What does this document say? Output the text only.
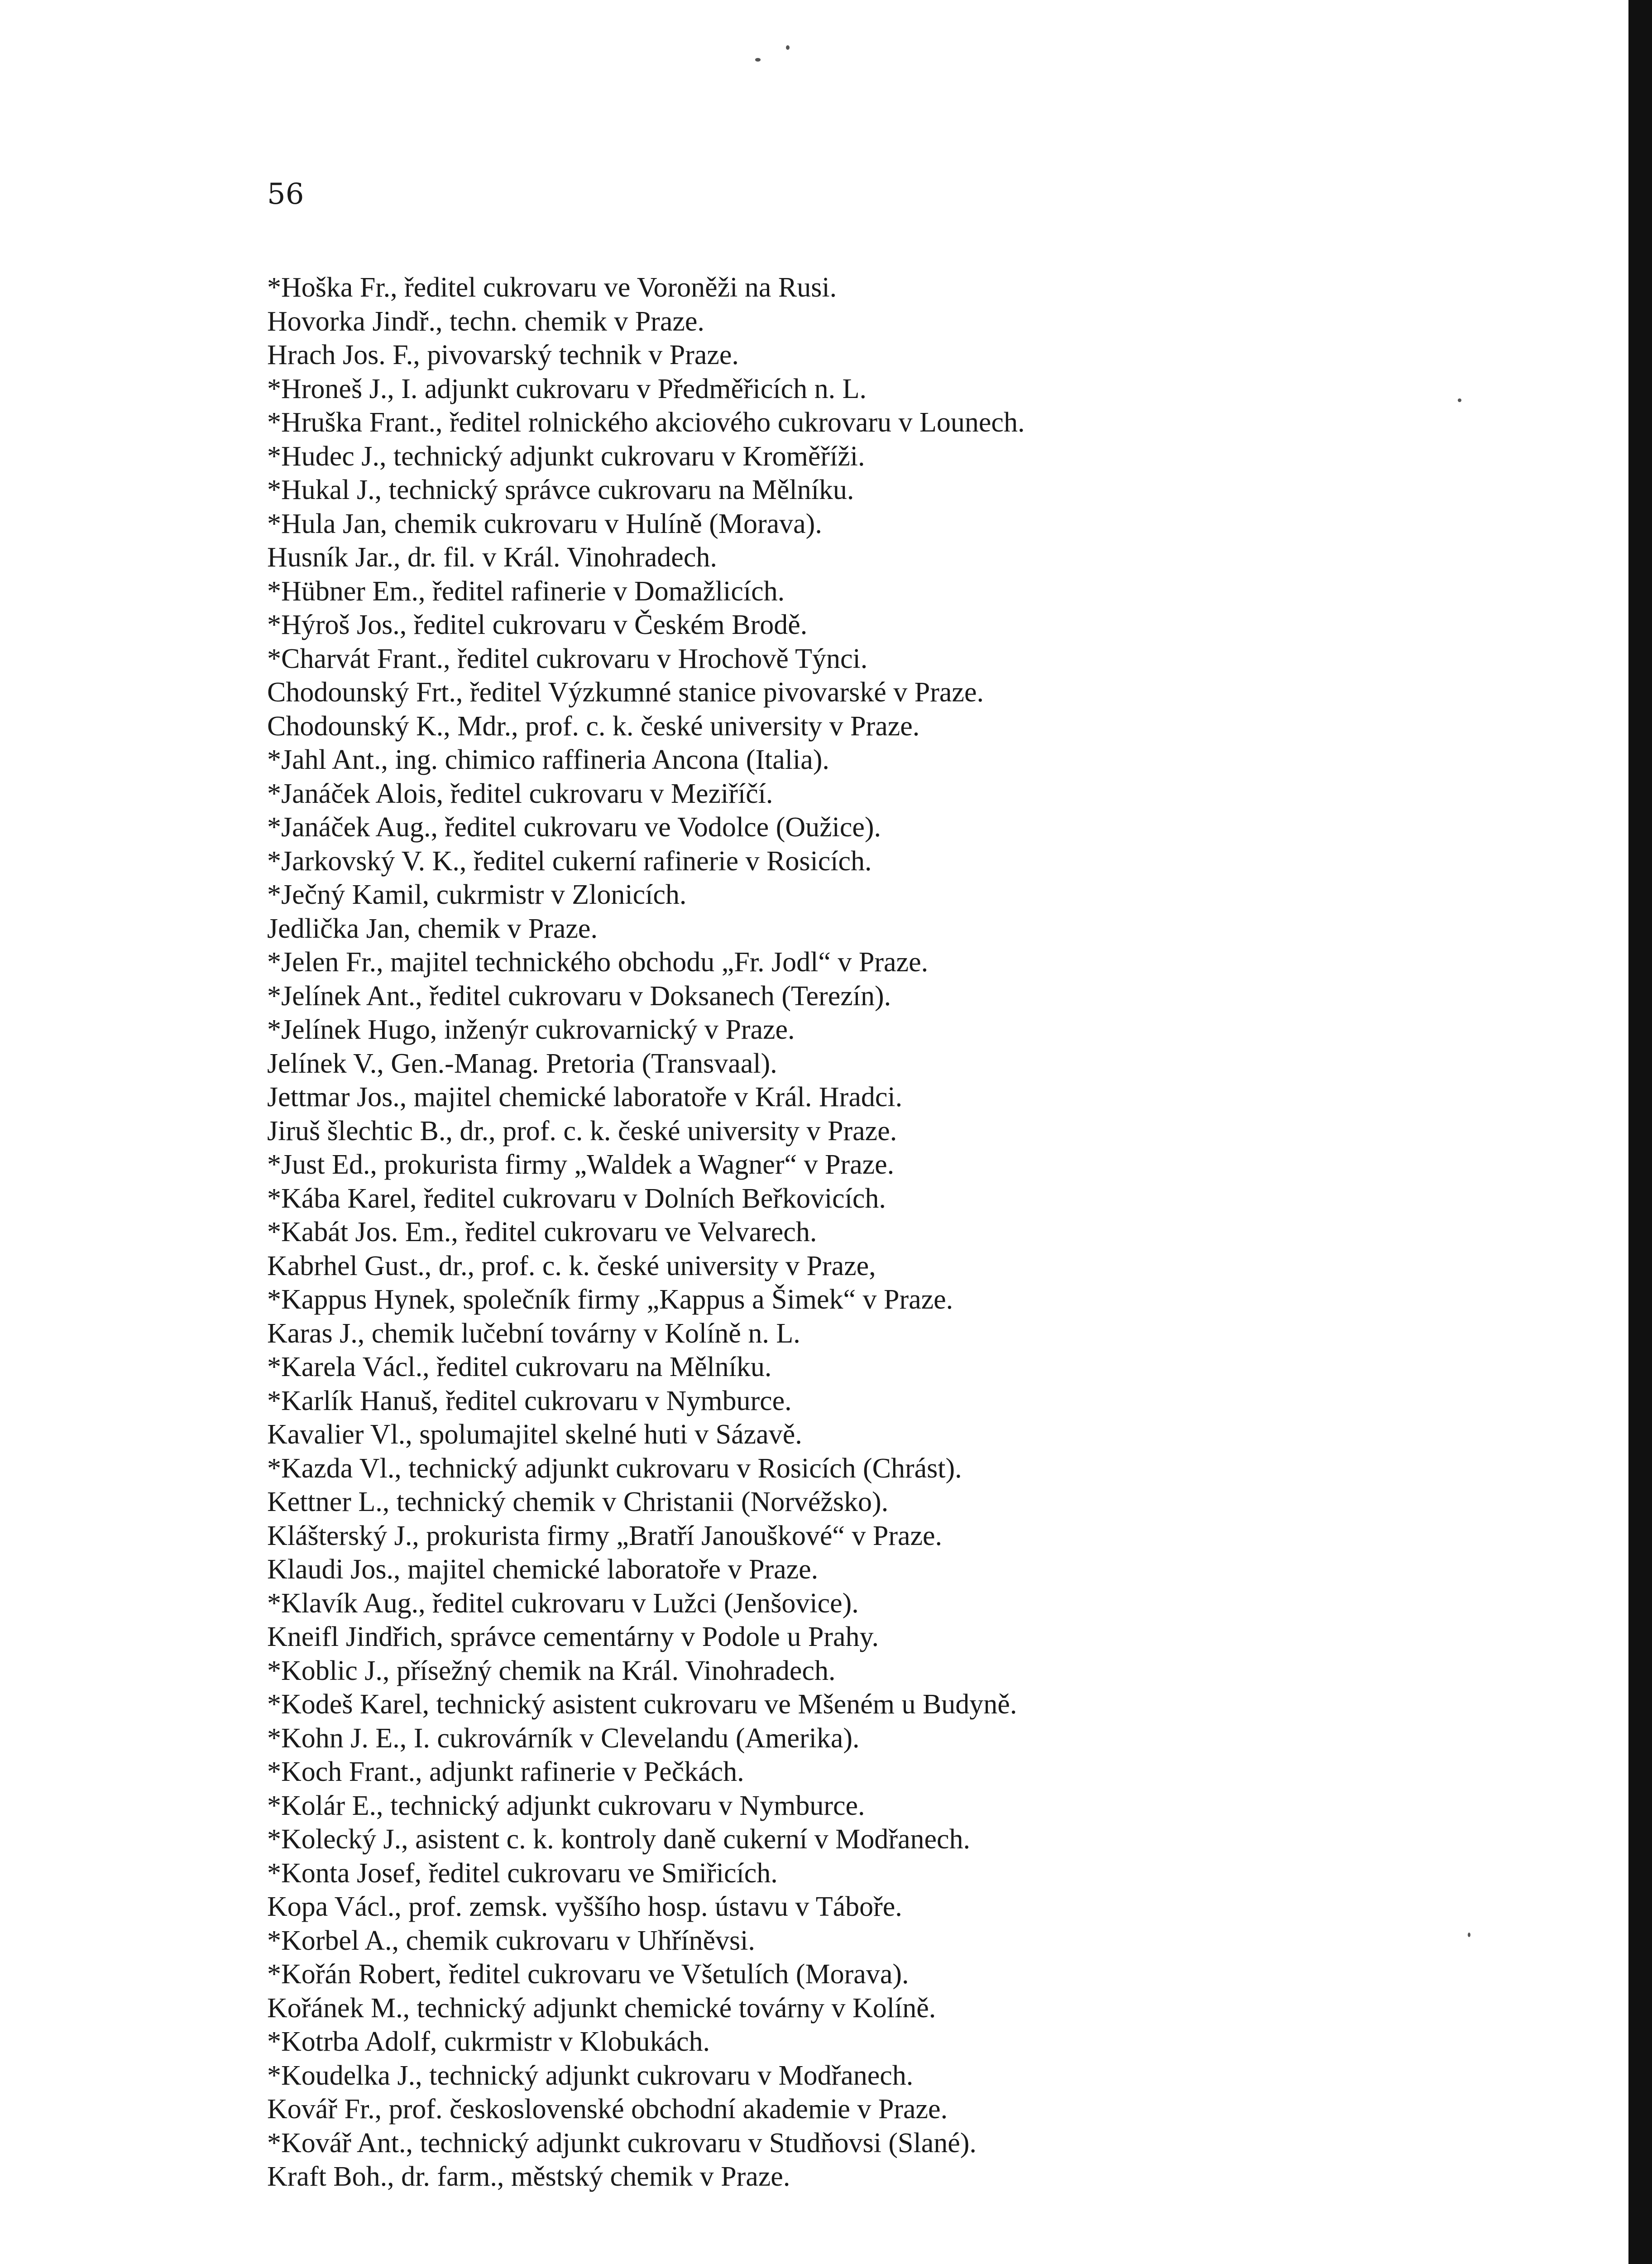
56
*Hoška Fr., ředitel cukrovaru ve Voroněži na Rusi.
Hovorka Jindř., techn. chemik v Praze.
Hrach Jos. F., pivovarský technik v Praze.
*Hroneš J., I. adjunkt cukrovaru v Předměřicích n. L.
*Hruška Frant., ředitel rolnického akciového cukrovaru v Lounech.
*Hudec J., technický adjunkt cukrovaru v Kroměříži.
*Hukal J., technický správce cukrovaru na Mělníku.
*Hula Jan, chemik cukrovaru v Hulíně (Morava).
Husník Jar., dr. fil. v Král. Vinohradech.
*Hübner Em., ředitel rafinerie v Domažlicích.
*Hýroš Jos., ředitel cukrovaru v Českém Brodě.
*Charvát Frant., ředitel cukrovaru v Hrochově Týnci.
Chodounský Frt., ředitel Výzkumné stanice pivovarské v Praze.
Chodounský K., Mdr., prof. c. k. české university v Praze.
*Jahl Ant., ing. chimico raffineria Ancona (Italia).
*Janáček Alois, ředitel cukrovaru v Meziříčí.
*Janáček Aug., ředitel cukrovaru ve Vodolce (Oužice).
*Jarkovský V. K., ředitel cukerní rafinerie v Rosicích.
*Ječný Kamil, cukrmistr v Zlonicích.
Jedlička Jan, chemik v Praze.
*Jelen Fr., majitel technického obchodu „Fr. Jodl“ v Praze.
*Jelínek Ant., ředitel cukrovaru v Doksanech (Terezín).
*Jelínek Hugo, inženýr cukrovarnický v Praze.
Jelínek V., Gen.-Manag. Pretoria (Transvaal).
Jettmar Jos., majitel chemické laboratoře v Král. Hradci.
Jiruš šlechtic B., dr., prof. c. k. české university v Praze.
*Just Ed., prokurista firmy „Waldek a Wagner“ v Praze.
*Kába Karel, ředitel cukrovaru v Dolních Beřkovicích.
*Kabát Jos. Em., ředitel cukrovaru ve Velvarech.
Kabrhel Gust., dr., prof. c. k. české university v Praze,
*Kappus Hynek, společník firmy „Kappus a Šimek“ v Praze.
Karas J., chemik lučební továrny v Kolíně n. L.
*Karela Václ., ředitel cukrovaru na Mělníku.
*Karlík Hanuš, ředitel cukrovaru v Nymburce.
Kavalier Vl., spolumajitel skelné huti v Sázavě.
*Kazda Vl., technický adjunkt cukrovaru v Rosicích (Chrást).
Kettner L., technický chemik v Christanii (Norvéžsko).
Klášterský J., prokurista firmy „Bratří Janouškové“ v Praze.
Klaudi Jos., majitel chemické laboratoře v Praze.
*Klavík Aug., ředitel cukrovaru v Lužci (Jenšovice).
Kneifl Jindřich, správce cementárny v Podole u Prahy.
*Koblic J., přísežný chemik na Král. Vinohradech.
*Kodeš Karel, technický asistent cukrovaru ve Mšeném u Budyně.
*Kohn J. E., I. cukrovárník v Clevelandu (Amerika).
*Koch Frant., adjunkt rafinerie v Pečkách.
*Kolár E., technický adjunkt cukrovaru v Nymburce.
*Kolecký J., asistent c. k. kontroly daně cukerní v Modřanech.
*Konta Josef, ředitel cukrovaru ve Smiřicích.
Kopa Václ., prof. zemsk. vyššího hosp. ústavu v Táboře.
*Korbel A., chemik cukrovaru v Uhříněvsi.
*Kořán Robert, ředitel cukrovaru ve Všetulích (Morava).
Kořánek M., technický adjunkt chemické továrny v Kolíně.
*Kotrba Adolf, cukrmistr v Klobukách.
*Koudelka J., technický adjunkt cukrovaru v Modřanech.
Kovář Fr., prof. československé obchodní akademie v Praze.
*Kovář Ant., technický adjunkt cukrovaru v Studňovsi (Slané).
Kraft Boh., dr. farm., městský chemik v Praze.
